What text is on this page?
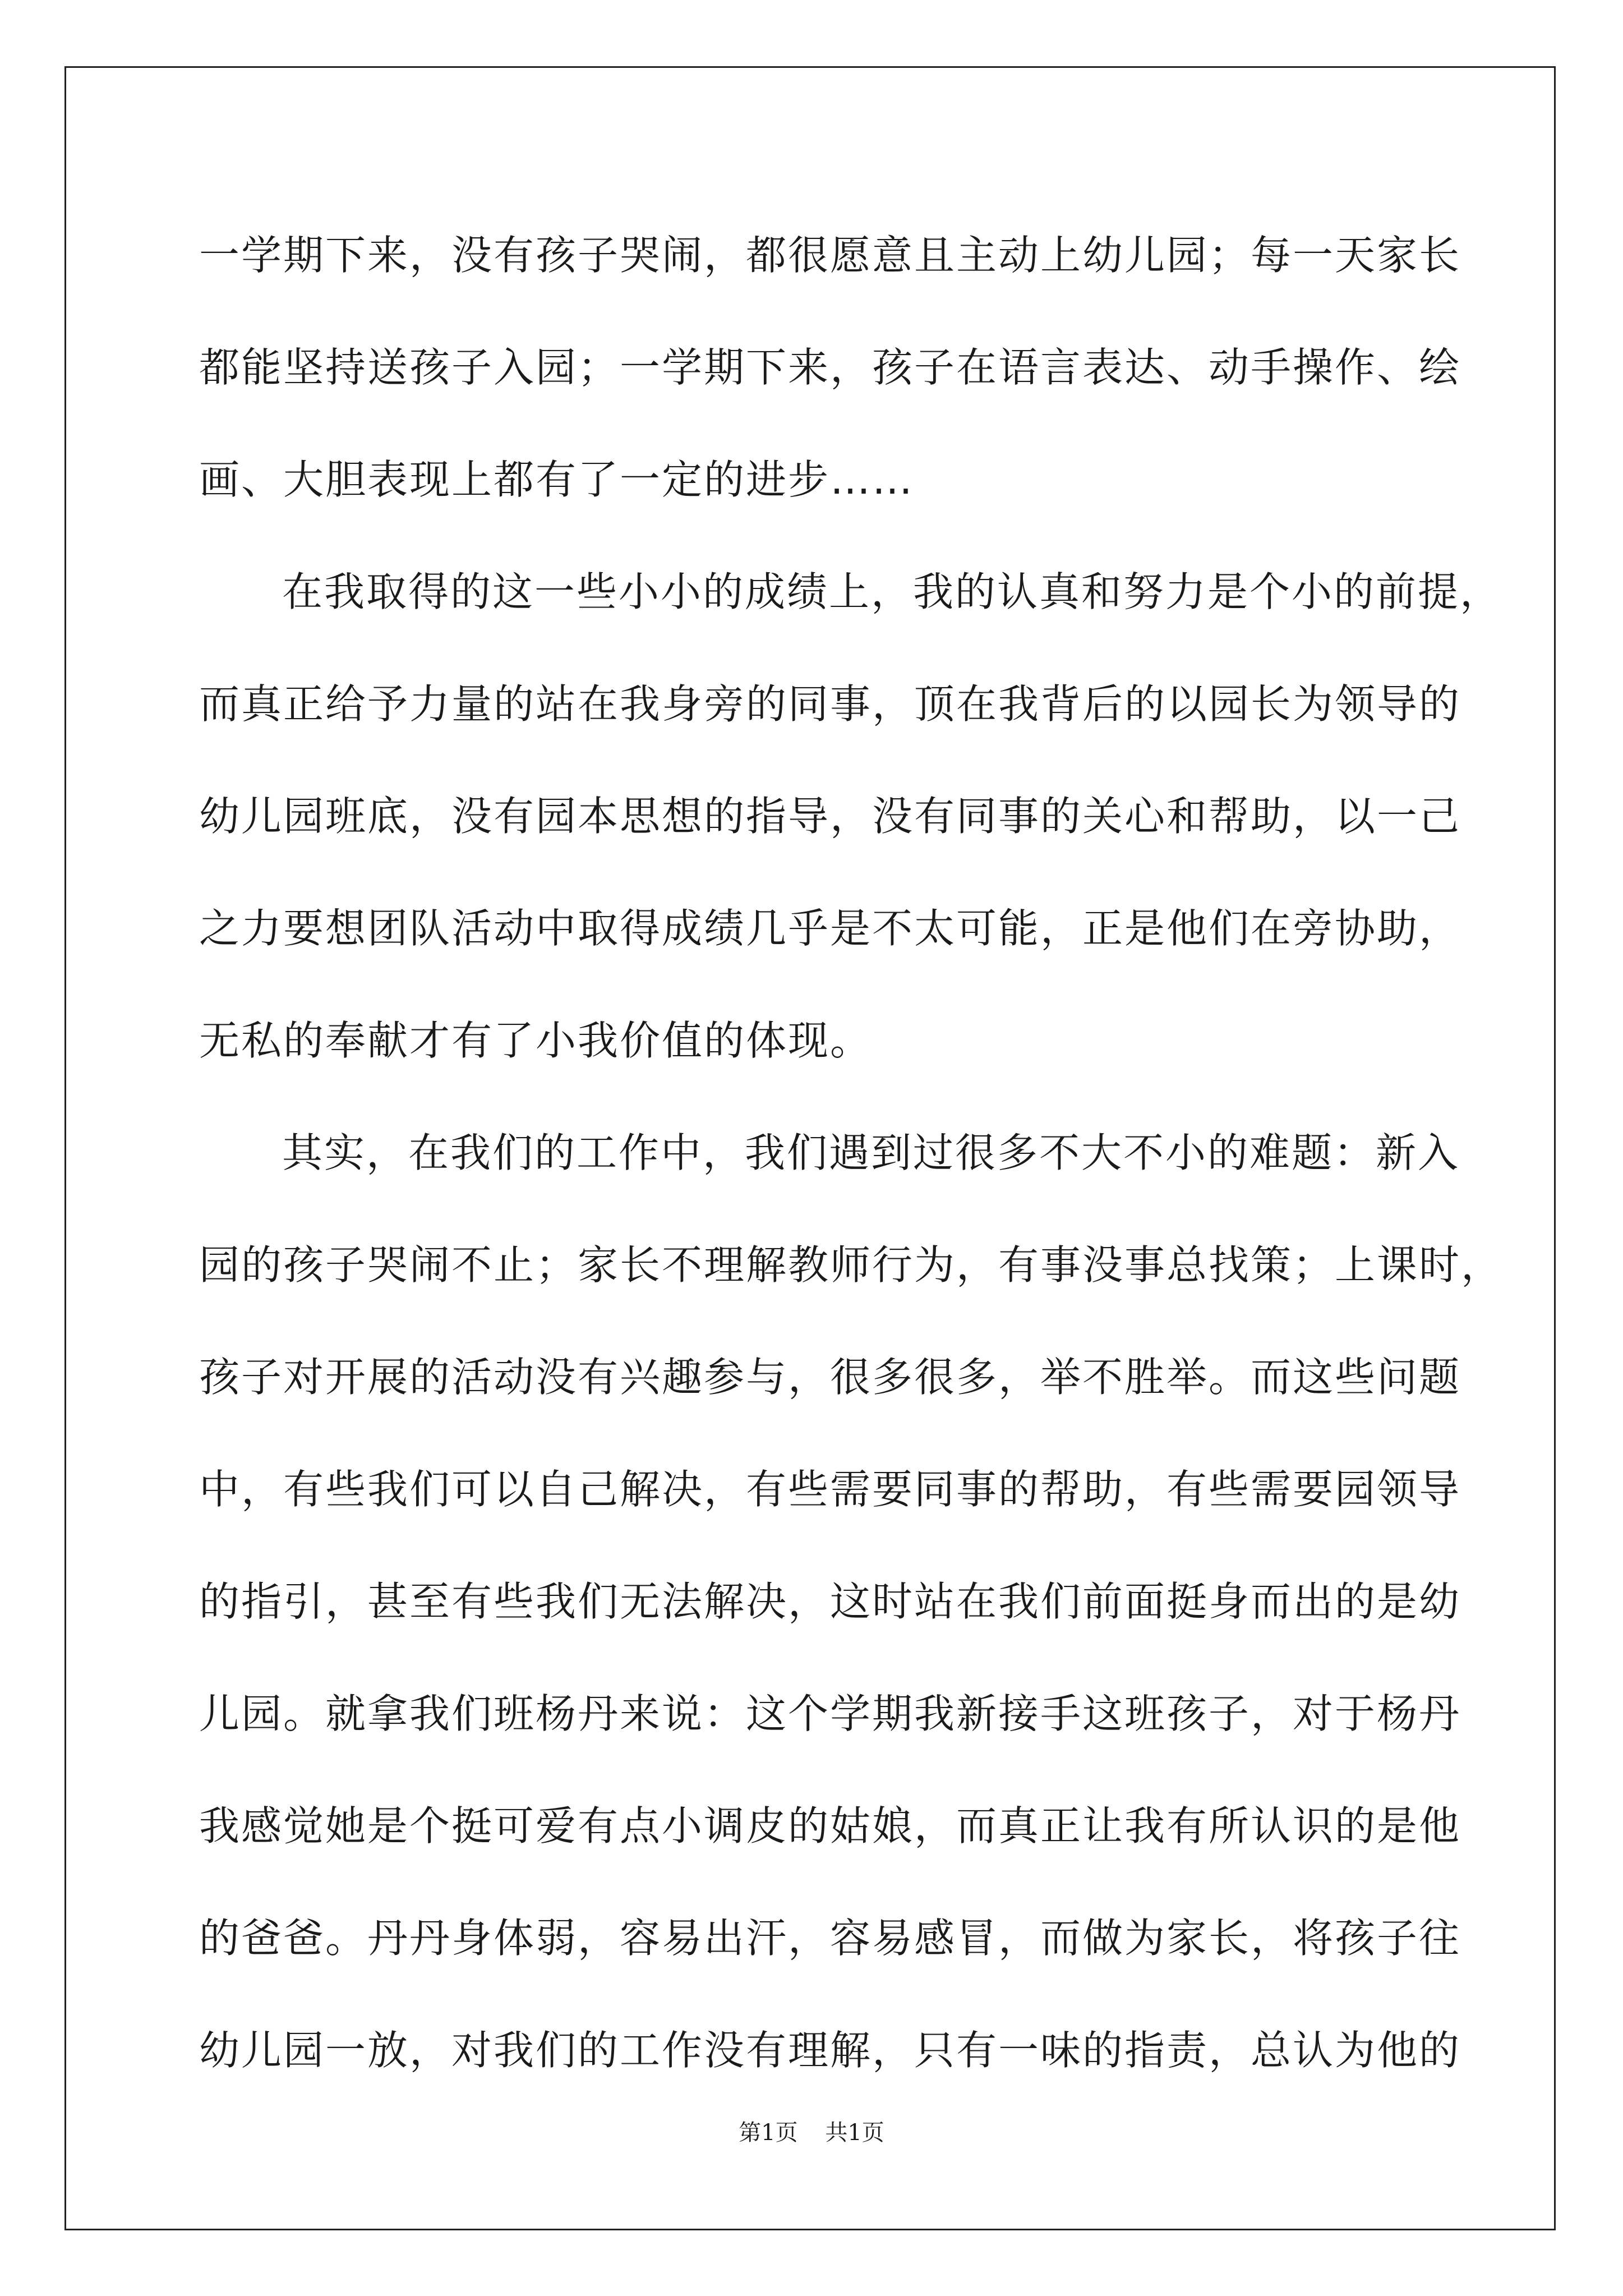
一学期下来，没有孩子哭闹，都很愿意且主动上幼儿园；每一天家长
都能坚持送孩子入园；一学期下来，孩子在语言表达、动手操作、绘
画、大胆表现上都有了一定的进步……
在我取得的这一些小小的成绩上，我的认真和努力是个小的前提，
而真正给予力量的站在我身旁的同事，顶在我背后的以园长为领导的
幼儿园班底，没有园本思想的指导，没有同事的关心和帮助，以一己
之力要想团队活动中取得成绩几乎是不太可能，正是他们在旁协助，
无私的奉献才有了小我价值的体现。
其实，在我们的工作中，我们遇到过很多不大不小的难题：新入
园的孩子哭闹不止；家长不理解教师行为，有事没事总找策；上课时，
孩子对开展的活动没有兴趣参与，很多很多，举不胜举。而这些问题
中，有些我们可以自己解决，有些需要同事的帮助，有些需要园领导
的指引，甚至有些我们无法解决，这时站在我们前面挺身而出的是幼
儿园。就拿我们班杨丹来说：这个学期我新接手这班孩子，对于杨丹
我感觉她是个挺可爱有点小调皮的姑娘，而真正让我有所认识的是他
的爸爸。丹丹身体弱，容易出汗，容易感冒，而做为家长，将孩子往
幼儿园一放，对我们的工作没有理解，只有一味的指责，总认为他的
第1页 共1页
